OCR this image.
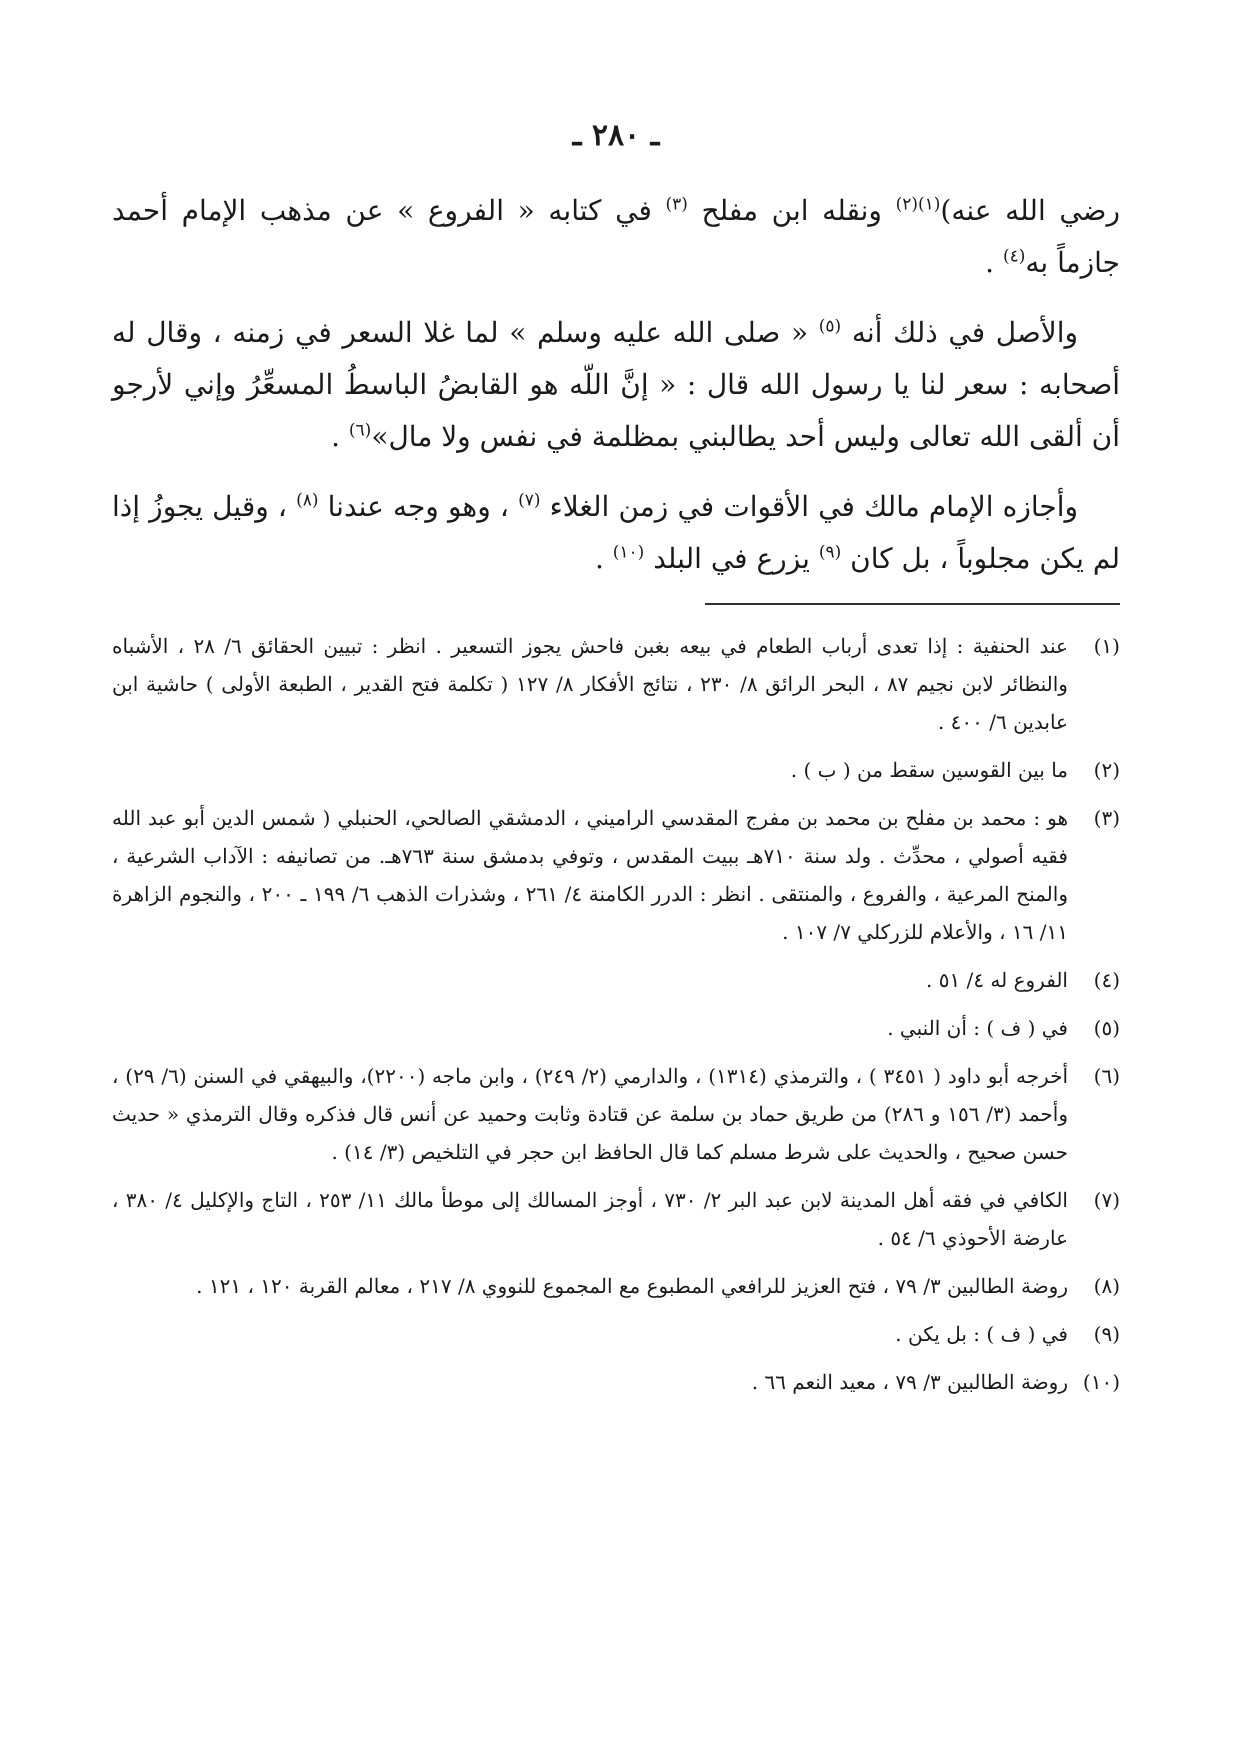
ـ ٢٨٠ ـ

رضي الله عنه)$^{(١)(٢)}$ ونقله ابن مفلح $^{(٣)}$ في كتابه « الفروع » عن مذهب الإمام أحمد جازماً به$^{(٤)}$ .

والأصل في ذلك أنه $^{(٥)}$ « صلى الله عليه وسلم » لما غلا السعر في زمنه ، وقال له أصحابه : سعر لنا يا رسول الله قال : « إنَّ اللّه هو القابضُ الباسطُ المسعِّرُ وإني لأرجو أن ألقى الله تعالى وليس أحد يطالبني بمظلمة في نفس ولا مال»$^{(٦)}$ .

وأجازه الإمام مالك في الأقوات في زمن الغلاء $^{(٧)}$ ، وهو وجه عندنا $^{(٨)}$ ، وقيل يجوزُ إذا لم يكن مجلوباً ، بل كان $^{(٩)}$ يزرع في البلد $^{(١٠)}$ .

(١)عند الحنفية : إذا تعدى أرباب الطعام في بيعه بغبن فاحش يجوز التسعير . انظر : تبيين الحقائق ٦/ ٢٨ ، الأشباه والنظائر لابن نجيم ٨٧ ، البحر الرائق ٨/ ٢٣٠ ، نتائج الأفكار ٨/ ١٢٧ ( تكلمة فتح القدير ، الطبعة الأولى ) حاشية ابن عابدين ٦/ ٤٠٠ .

(٢)ما بين القوسين سقط من ( ب ) .

(٣)هو : محمد بن مفلح بن محمد بن مفرج المقدسي الراميني ، الدمشقي الصالحي، الحنبلي ( شمس الدين أبو عبد الله فقيه أصولي ، محدِّث . ولد سنة ٧١٠هـ ببيت المقدس ، وتوفي بدمشق سنة ٧٦٣هـ. من تصانيفه : الآداب الشرعية ، والمنح المرعية ، والفروع ، والمنتقى . انظر : الدرر الكامنة ٤/ ٢٦١ ، وشذرات الذهب ٦/ ١٩٩ ـ ٢٠٠ ، والنجوم الزاهرة ١١/ ١٦ ، والأعلام للزركلي ٧/ ١٠٧ .

(٤)الفروع له ٤/ ٥١ .

(٥)في ( ف ) : أن النبي .

(٦)أخرجه أبو داود ( ٣٤٥١ ) ، والترمذي (١٣١٤) ، والدارمي (٢/ ٢٤٩) ، وابن ماجه (٢٢٠٠)، والبيهقي في السنن (٦/ ٢٩) ، وأحمد (٣/ ١٥٦ و ٢٨٦) من طريق حماد بن سلمة عن قتادة وثابت وحميد عن أنس قال فذكره وقال الترمذي « حديث حسن صحيح ، والحديث على شرط مسلم كما قال الحافظ ابن حجر في التلخيص (٣/ ١٤) .

(٧)الكافي في فقه أهل المدينة لابن عبد البر ٢/ ٧٣٠ ، أوجز المسالك إلى موطأ مالك ١١/ ٢٥٣ ، التاج والإكليل ٤/ ٣٨٠ ، عارضة الأحوذي ٦/ ٥٤ .

(٨)روضة الطالبين ٣/ ٧٩ ، فتح العزيز للرافعي المطبوع مع المجموع للنووي ٨/ ٢١٧ ، معالم القربة ١٢٠ ، ١٢١ .

(٩)في ( ف ) : بل يكن .

(١٠)روضة الطالبين ٣/ ٧٩ ، معيد النعم ٦٦ .
